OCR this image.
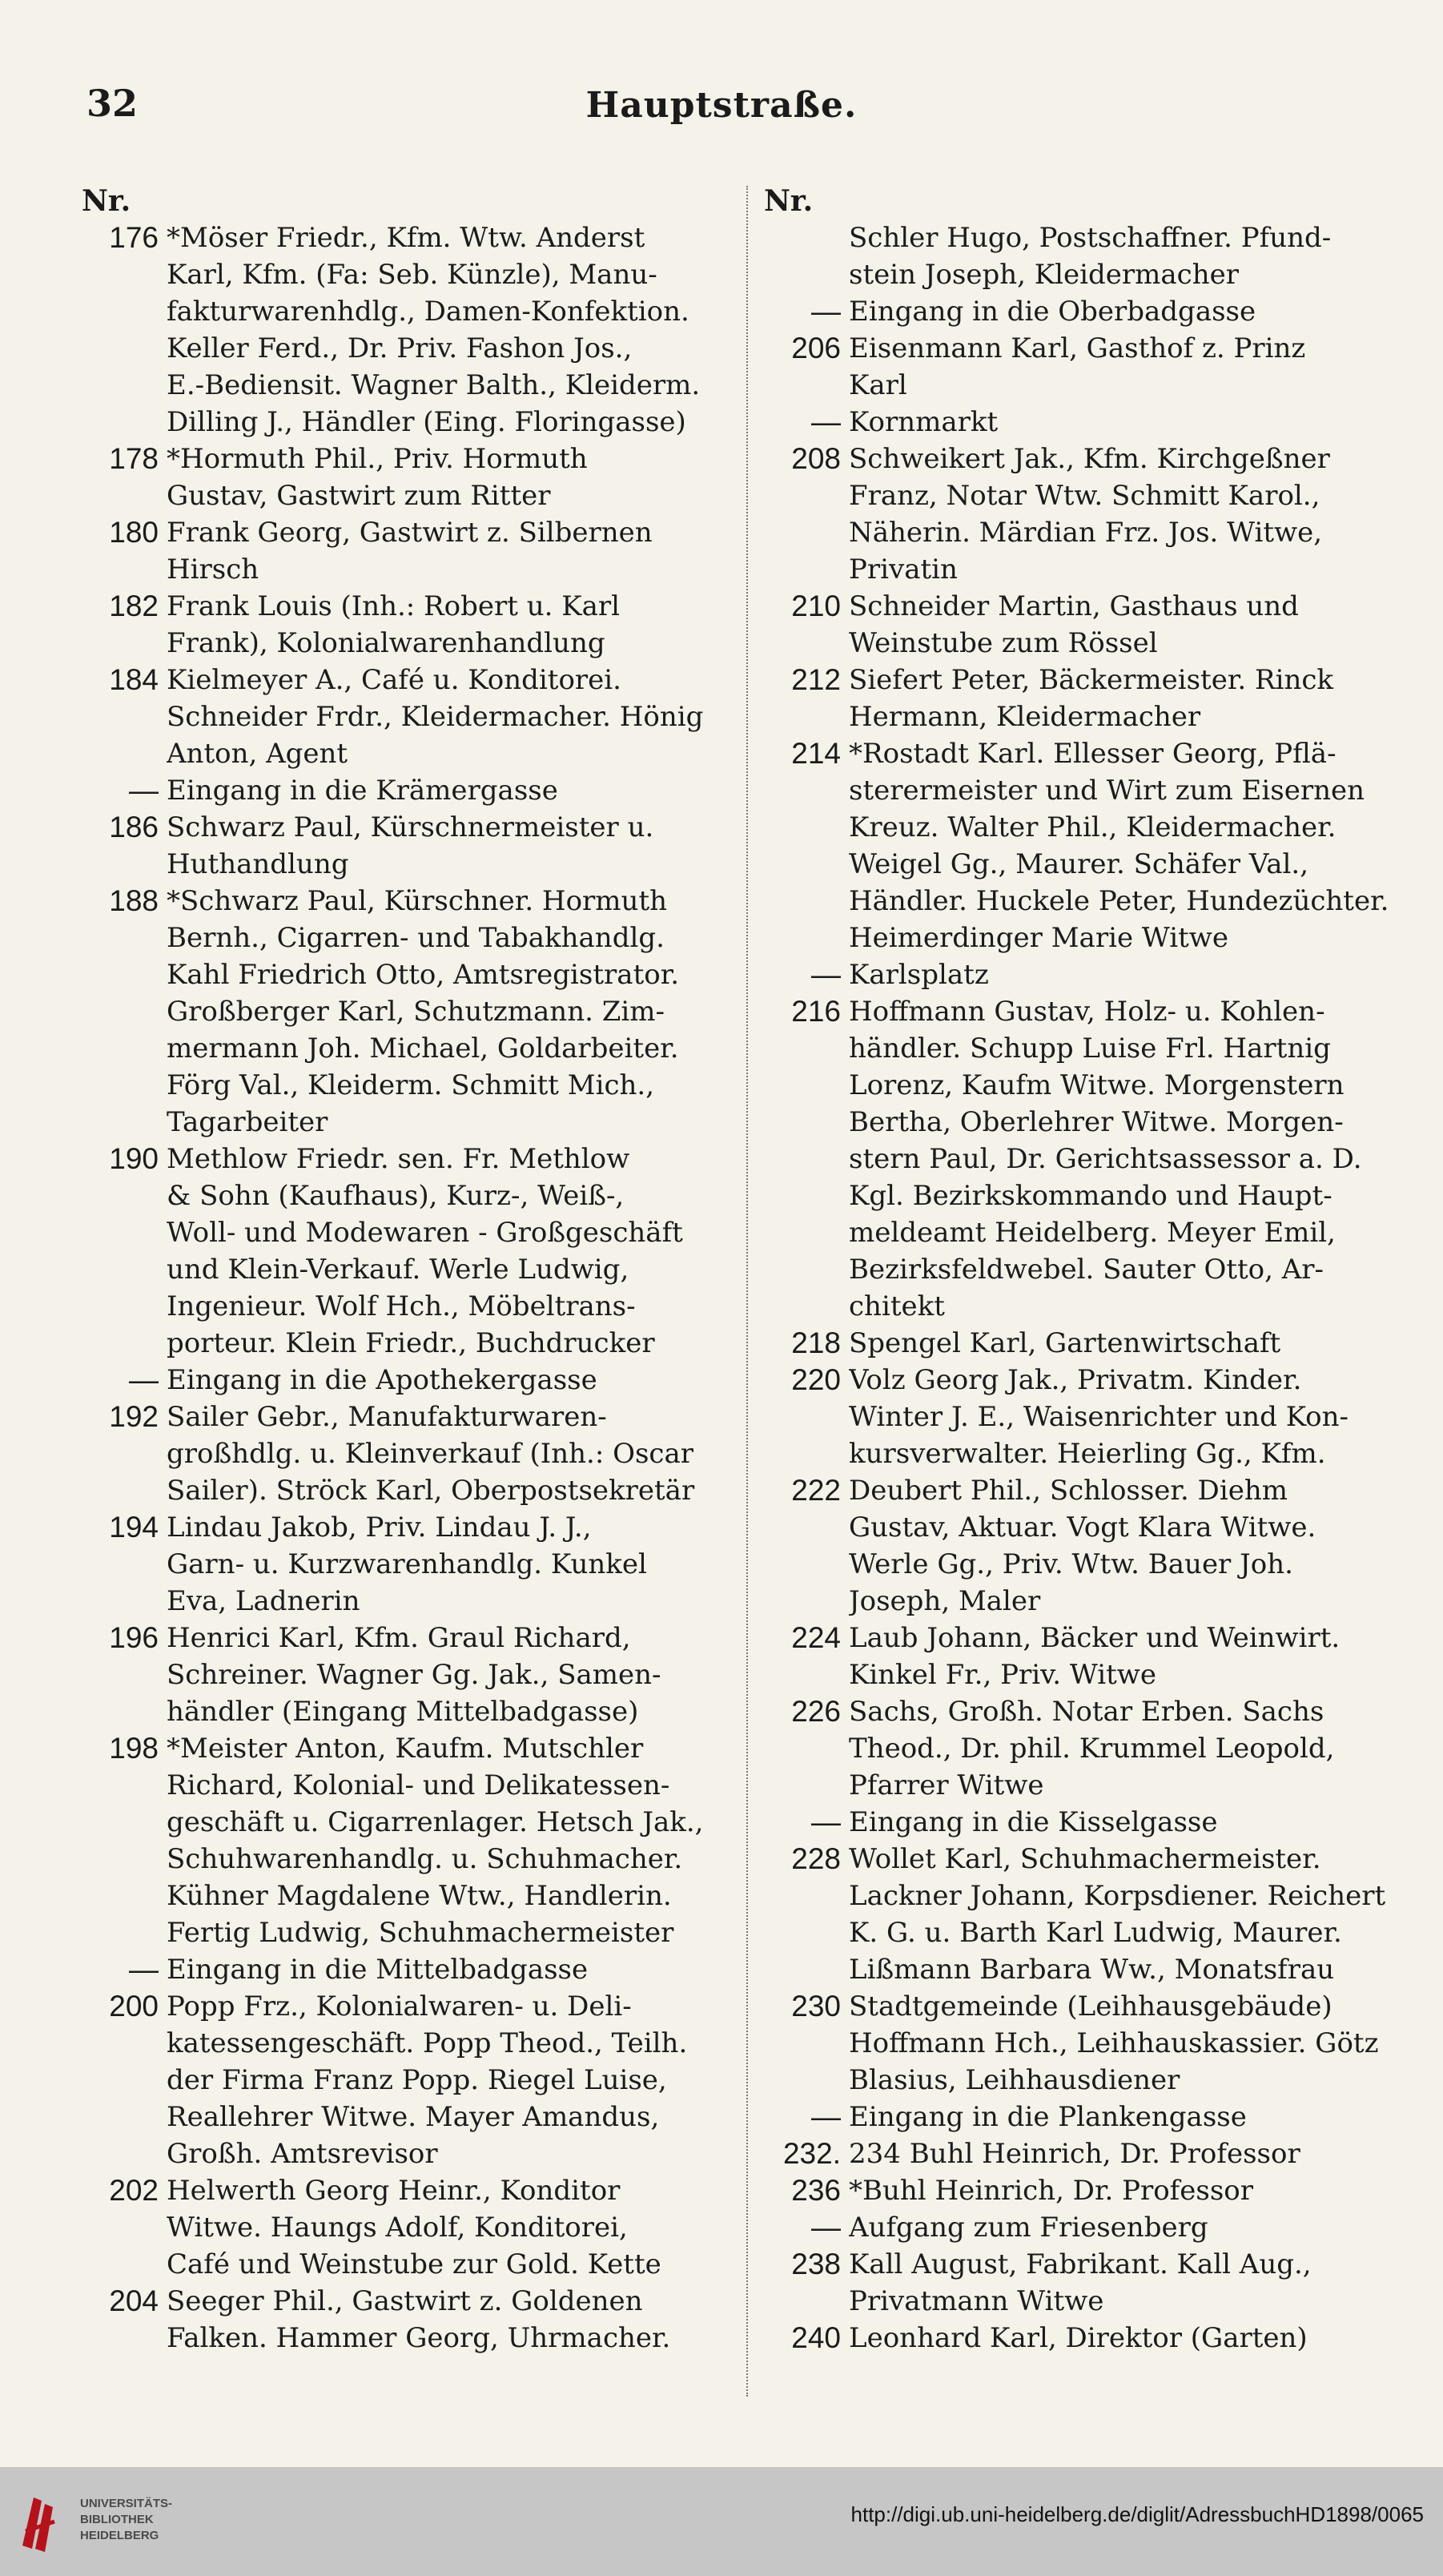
32	Hauptstraße.
Nr.
176 *Möser Friedr., Kfm. Wtw. Anderst
Karl, Kfm. (Fa: Seb. Künzle), Manu-
fakturwarenhdlg., Damen-Konfektion.
Keller Ferd., Dr. Priv. Fashon Jos.,
E.-Bediensit. Wagner Balth., Kleiderm.
Dilling J., Händler (Eing. Floringasse)
178 *Hormuth Phil., Priv. Hormuth
Gustav, Gastwirt zum Ritter
180 Frank Georg, Gastwirt z. Silbernen
Hirsch
182 Frank Louis (Inh.: Robert u. Karl
Frank), Kolonialwarenhandlung
184 Kielmeyer A., Café u. Konditorei.
Schneider Frdr., Kleidermacher. Hönig
Anton, Agent
— Eingang in die Krämergasse
186 Schwarz Paul, Kürschnermeister u.
Huthandlung
188 *Schwarz Paul, Kürschner. Hormuth
Bernh., Cigarren- und Tabakhandlg.
Kahl Friedrich Otto, Amtsregistrator.
Großberger Karl, Schutzmann. Zim-
mermann Joh. Michael, Goldarbeiter.
Förg Val., Kleiderm. Schmitt Mich.,
Tagarbeiter
190 Methlow Friedr. sen. Fr. Methlow
& Sohn (Kaufhaus), Kurz-, Weiß-,
Woll- und Modewaren - Großgeschäft
und Klein-Verkauf. Werle Ludwig,
Ingenieur. Wolf Hch., Möbeltrans-
porteur. Klein Friedr., Buchdrucker
— Eingang in die Apothekergasse
192 Sailer Gebr., Manufakturwaren-
großhdlg. u. Kleinverkauf (Inh.: Oscar
Sailer). Ströck Karl, Oberpostsekretär
194 Lindau Jakob, Priv. Lindau J. J.,
Garn- u. Kurzwarenhandlg. Kunkel
Eva, Ladnerin
196 Henrici Karl, Kfm. Graul Richard,
Schreiner. Wagner Gg. Jak., Samen-
händler (Eingang Mittelbadgasse)
198 *Meister Anton, Kaufm. Mutschler
Richard, Kolonial- und Delikatessen-
geschäft u. Cigarrenlager. Hetsch Jak.,
Schuhwarenhandlg. u. Schuhmacher.
Kühner Magdalene Wtw., Handlerin.
Fertig Ludwig, Schuhmachermeister
— Eingang in die Mittelbadgasse
200 Popp Frz., Kolonialwaren- u. Deli-
katessengeschäft. Popp Theod., Teilh.
der Firma Franz Popp. Riegel Luise,
Reallehrer Witwe. Mayer Amandus,
Großh. Amtsrevisor
202 Helwerth Georg Heinr., Konditor
Witwe. Haungs Adolf, Konditorei,
Café und Weinstube zur Gold. Kette
204 Seeger Phil., Gastwirt z. Goldenen
Falken. Hammer Georg, Uhrmacher.
Nr.
Schler Hugo, Postschaffner. Pfund-
stein Joseph, Kleidermacher
— Eingang in die Oberbadgasse
206 Eisenmann Karl, Gasthof z. Prinz
Karl
— Kornmarkt
208 Schweikert Jak., Kfm. Kirchgeßner
Franz, Notar Wtw. Schmitt Karol.,
Näherin. Märdian Frz. Jos. Witwe,
Privatin
210 Schneider Martin, Gasthaus und
Weinstube zum Rössel
212 Siefert Peter, Bäckermeister. Rinck
Hermann, Kleidermacher
214 *Rostadt Karl. Ellesser Georg, Pflä-
sterermeister und Wirt zum Eisernen
Kreuz. Walter Phil., Kleidermacher.
Weigel Gg., Maurer. Schäfer Val.,
Händler. Huckele Peter, Hundezüchter.
Heimerdinger Marie Witwe
— Karlsplatz
216 Hoffmann Gustav, Holz- u. Kohlen-
händler. Schupp Luise Frl. Hartnig
Lorenz, Kaufm Witwe. Morgenstern
Bertha, Oberlehrer Witwe. Morgen-
stern Paul, Dr. Gerichtsassessor a. D.
Kgl. Bezirkskommando und Haupt-
meldeamt Heidelberg. Meyer Emil,
Bezirksfeldwebel. Sauter Otto, Ar-
chitekt
218 Spengel Karl, Gartenwirtschaft
220 Volz Georg Jak., Privatm. Kinder.
Winter J. E., Waisenrichter und Kon-
kursverwalter. Heierling Gg., Kfm.
222 Deubert Phil., Schlosser. Diehm
Gustav, Aktuar. Vogt Klara Witwe.
Werle Gg., Priv. Wtw. Bauer Joh.
Joseph, Maler
224 Laub Johann, Bäcker und Weinwirt.
Kinkel Fr., Priv. Witwe
226 Sachs, Großh. Notar Erben. Sachs
Theod., Dr. phil. Krummel Leopold,
Pfarrer Witwe
— Eingang in die Kisselgasse
228 Wollet Karl, Schuhmachermeister.
Lackner Johann, Korpsdiener. Reichert
K. G. u. Barth Karl Ludwig, Maurer.
Lißmann Barbara Ww., Monatsfrau
230 Stadtgemeinde (Leihhausgebäude)
Hoffmann Hch., Leihhauskassier. Götz
Blasius, Leihhausdiener
— Eingang in die Plankengasse
232. 234 Buhl Heinrich, Dr. Professor
236 *Buhl Heinrich, Dr. Professor
— Aufgang zum Friesenberg
238 Kall August, Fabrikant. Kall Aug.,
Privatmann Witwe
240 Leonhard Karl, Direktor (Garten)
UNIVERSITÄTS-
BIBLIOTHEK
HEIDELBERG
http://digi.ub.uni-heidelberg.de/diglit/AdressbuchHD1898/0065
